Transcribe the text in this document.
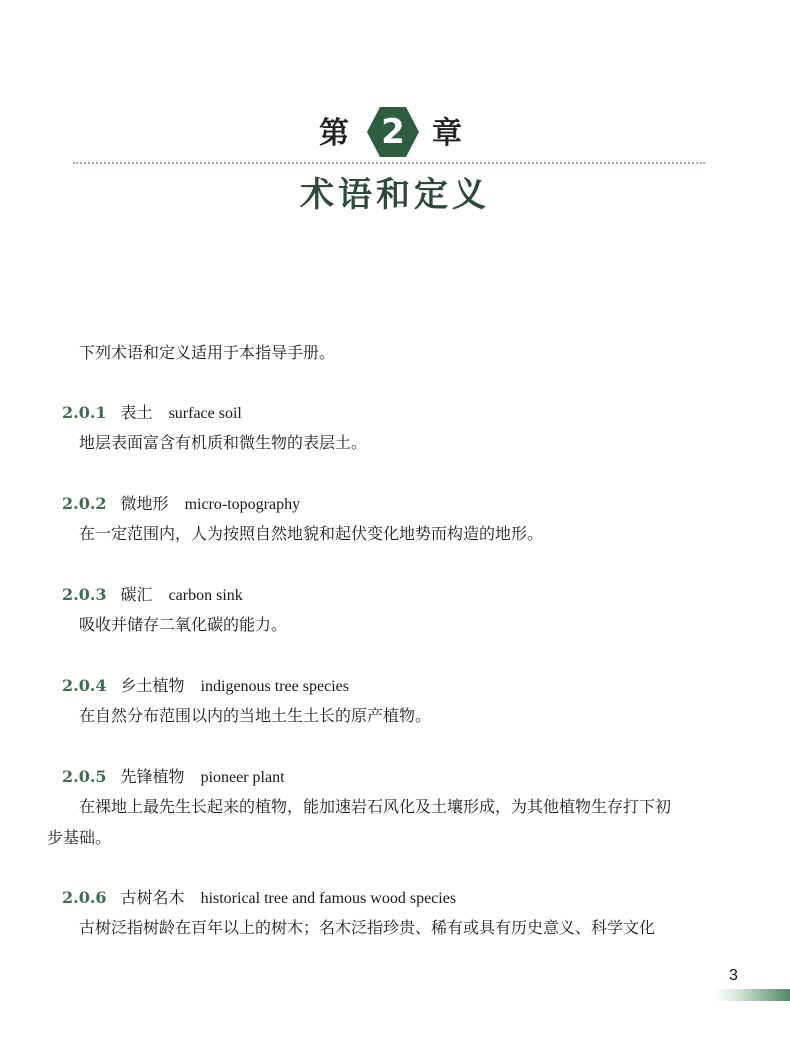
第 2 章
术语和定义
下列术语和定义适用于本指导手册。
2.0.1 表土 surface soil
地层表面富含有机质和微生物的表层土。
2.0.2 微地形 micro-topography
在一定范围内，人为按照自然地貌和起伏变化地势而构造的地形。
2.0.3 碳汇 carbon sink
吸收并储存二氧化碳的能力。
2.0.4 乡土植物 indigenous tree species
在自然分布范围以内的当地土生土长的原产植物。
2.0.5 先锋植物 pioneer plant
在裸地上最先生长起来的植物，能加速岩石风化及土壤形成，为其他植物生存打下初
步基础。
2.0.6 古树名木 historical tree and famous wood species
古树泛指树龄在百年以上的树木；名木泛指珍贵、稀有或具有历史意义、科学文化
3
